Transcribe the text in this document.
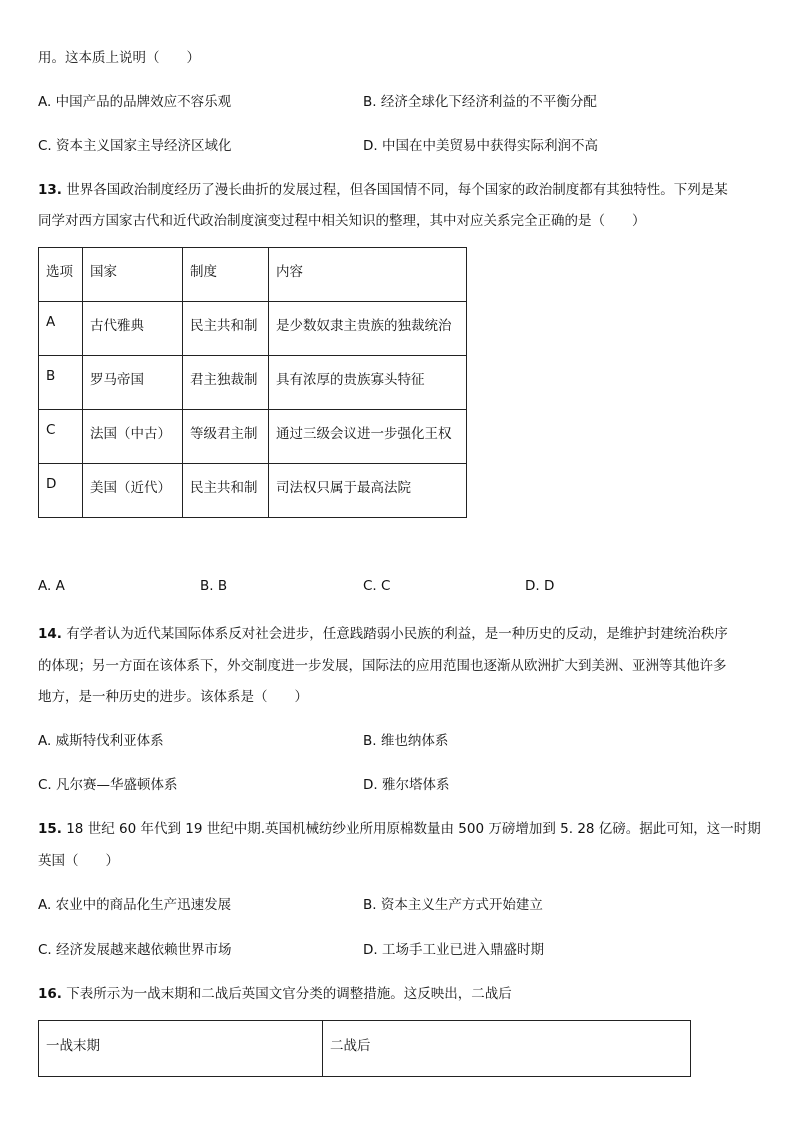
用。这本质上说明（　　）
A. 中国产品的品牌效应不容乐观	B. 经济全球化下经济利益的不平衡分配
C. 资本主义国家主导经济区域化	D. 中国在中美贸易中获得实际利润不高
13. 世界各国政治制度经历了漫长曲折的发展过程，但各国国情不同，每个国家的政治制度都有其独特性。下列是某
同学对西方国家古代和近代政治制度演变过程中相关知识的整理，其中对应关系完全正确的是（　　）
选项	国家	制度	内容
A	古代雅典	民主共和制	是少数奴隶主贵族的独裁统治
B	罗马帝国	君主独裁制	具有浓厚的贵族寡头特征
C	法国（中古）	等级君主制	通过三级会议进一步强化王权
D	美国（近代）	民主共和制	司法权只属于最高法院
A. A	B. B	C. C	D. D
14. 有学者认为近代某国际体系反对社会进步，任意践踏弱小民族的利益，是一种历史的反动，是维护封建统治秩序
的体现；另一方面在该体系下，外交制度进一步发展，国际法的应用范围也逐渐从欧洲扩大到美洲、亚洲等其他许多
地方，是一种历史的进步。该体系是（　　）
A. 威斯特伐利亚体系	B. 维也纳体系
C. 凡尔赛—华盛顿体系	D. 雅尔塔体系
15. 18 世纪 60 年代到 19 世纪中期.英国机械纺纱业所用原棉数量由 500 万磅增加到 5. 28 亿磅。据此可知，这一时期
英国（　　）
A. 农业中的商品化生产迅速发展	B. 资本主义生产方式开始建立
C. 经济发展越来越依赖世界市场	D. 工场手工业已进入鼎盛时期
16. 下表所示为一战末期和二战后英国文官分类的调整措施。这反映出，二战后
一战末期	二战后
